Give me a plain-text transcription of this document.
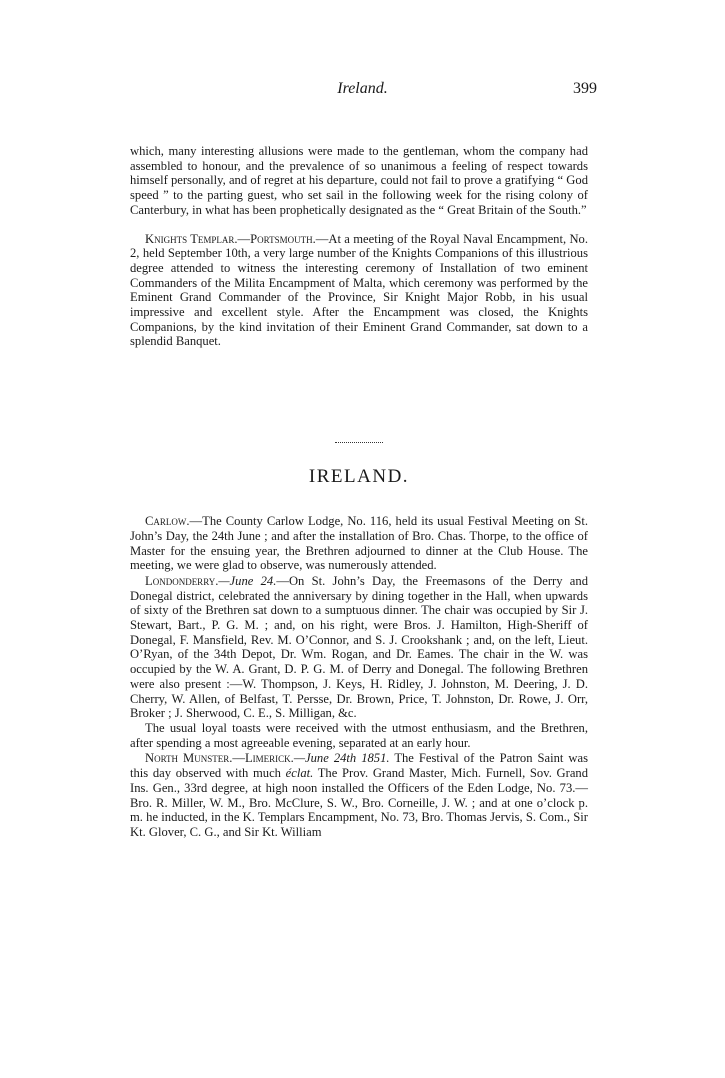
Ireland.	399

which, many interesting allusions were made to the gentleman, whom the company had assembled to honour, and the prevalence of so unanimous a feeling of respect towards himself personally, and of regret at his departure, could not fail to prove a gratifying “ God speed ” to the parting guest, who set sail in the following week for the rising colony of Canterbury, in what has been prophetically designated as the “ Great Britain of the South.”

Knights Templar.—Portsmouth.—At a meeting of the Royal Naval Encampment, No. 2, held September 10th, a very large number of the Knights Companions of this illustrious degree attended to witness the interesting ceremony of Installation of two eminent Commanders of the Milita Encampment of Malta, which ceremony was performed by the Eminent Grand Commander of the Province, Sir Knight Major Robb, in his usual impressive and excellent style. After the Encampment was closed, the Knights Companions, by the kind invitation of their Eminent Grand Commander, sat down to a splendid Banquet.

IRELAND.

Carlow.—The County Carlow Lodge, No. 116, held its usual Festival Meeting on St. John’s Day, the 24th June ; and after the installation of Bro. Chas. Thorpe, to the office of Master for the ensuing year, the Brethren adjourned to dinner at the Club House. The meeting, we were glad to observe, was numerously attended.

Londonderry.—June 24.—On St. John’s Day, the Freemasons of the Derry and Donegal district, celebrated the anniversary by dining together in the Hall, when upwards of sixty of the Brethren sat down to a sumptuous dinner. The chair was occupied by Sir J. Stewart, Bart., P. G. M. ; and, on his right, were Bros. J. Hamilton, High-Sheriff of Donegal, F. Mansfield, Rev. M. O’Connor, and S. J. Crookshank ; and, on the left, Lieut. O’Ryan, of the 34th Depot, Dr. Wm. Rogan, and Dr. Eames. The chair in the W. was occupied by the W. A. Grant, D. P. G. M. of Derry and Donegal. The following Brethren were also present :—W. Thompson, J. Keys, H. Ridley, J. Johnston, M. Deering, J. D. Cherry, W. Allen, of Belfast, T. Persse, Dr. Brown, Price, T. Johnston, Dr. Rowe, J. Orr, Broker ; J. Sherwood, C. E., S. Milligan, &c.

The usual loyal toasts were received with the utmost enthusiasm, and the Brethren, after spending a most agreeable evening, separated at an early hour.

North Munster.—Limerick.—June 24th 1851. The Festival of the Patron Saint was this day observed with much éclat. The Prov. Grand Master, Mich. Furnell, Sov. Grand Ins. Gen., 33rd degree, at high noon installed the Officers of the Eden Lodge, No. 73.—Bro. R. Miller, W. M., Bro. McClure, S. W., Bro. Corneille, J. W. ; and at one o’clock p. m. he inducted, in the K. Templars Encampment, No. 73, Bro. Thomas Jervis, S. Com., Sir Kt. Glover, C. G., and Sir Kt. William
